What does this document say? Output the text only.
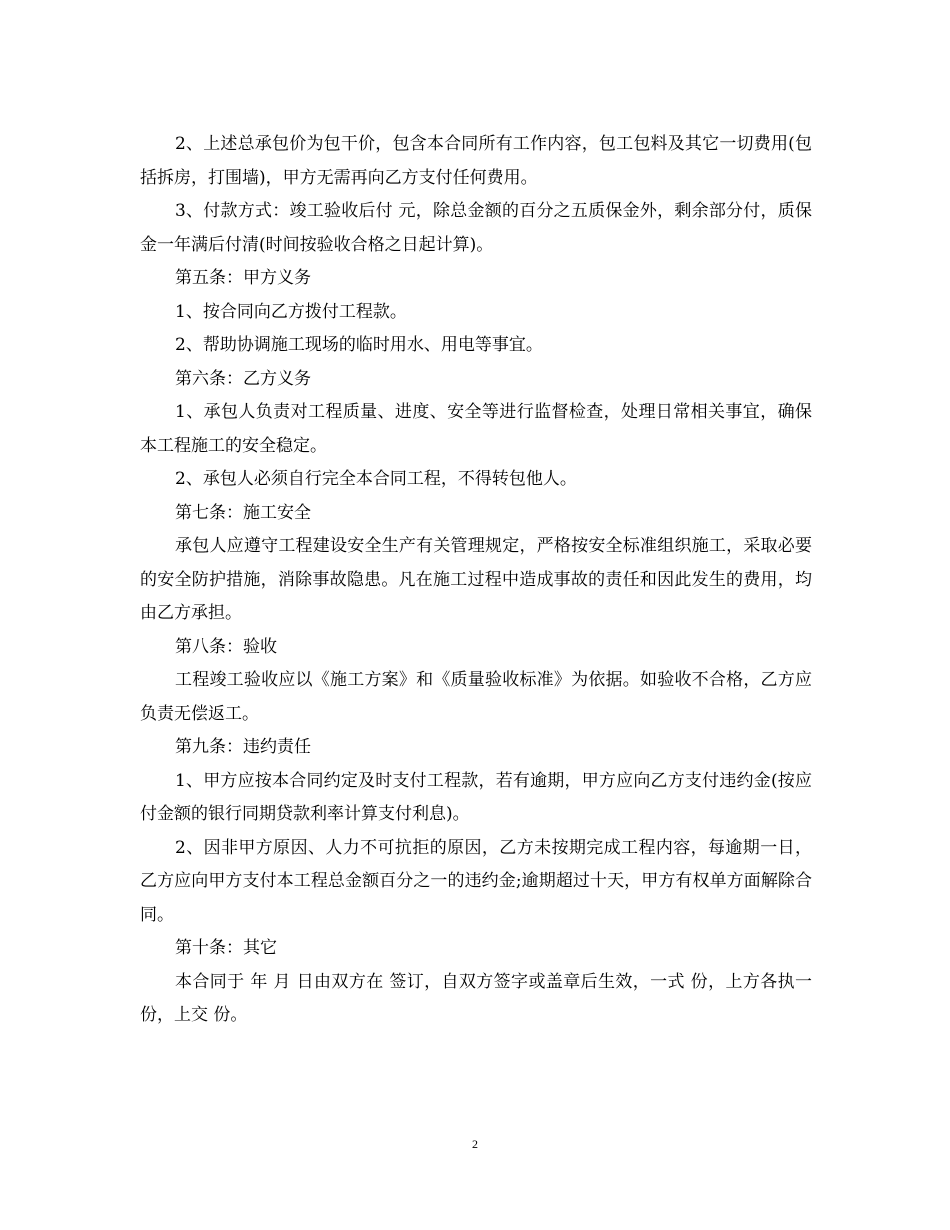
2、上述总承包价为包干价，包含本合同所有工作内容，包工包料及其它一切费用(包括拆房，打围墙)，甲方无需再向乙方支付任何费用。

3、付款方式：竣工验收后付 元，除总金额的百分之五质保金外，剩余部分付，质保金一年满后付清(时间按验收合格之日起计算)。

第五条：甲方义务

1、按合同向乙方拨付工程款。

2、帮助协调施工现场的临时用水、用电等事宜。

第六条：乙方义务

1、承包人负责对工程质量、进度、安全等进行监督检查，处理日常相关事宜，确保本工程施工的安全稳定。

2、承包人必须自行完全本合同工程，不得转包他人。

第七条：施工安全

承包人应遵守工程建设安全生产有关管理规定，严格按安全标准组织施工，采取必要的安全防护措施，消除事故隐患。凡在施工过程中造成事故的责任和因此发生的费用，均由乙方承担。

第八条：验收

工程竣工验收应以《施工方案》和《质量验收标准》为依据。如验收不合格，乙方应负责无偿返工。

第九条：违约责任

1、甲方应按本合同约定及时支付工程款，若有逾期，甲方应向乙方支付违约金(按应付金额的银行同期贷款利率计算支付利息)。

2、因非甲方原因、人力不可抗拒的原因，乙方未按期完成工程内容，每逾期一日，乙方应向甲方支付本工程总金额百分之一的违约金;逾期超过十天，甲方有权单方面解除合同。

第十条：其它

本合同于 年 月 日由双方在 签订，自双方签字或盖章后生效，一式 份，上方各执一份，上交 份。

2
